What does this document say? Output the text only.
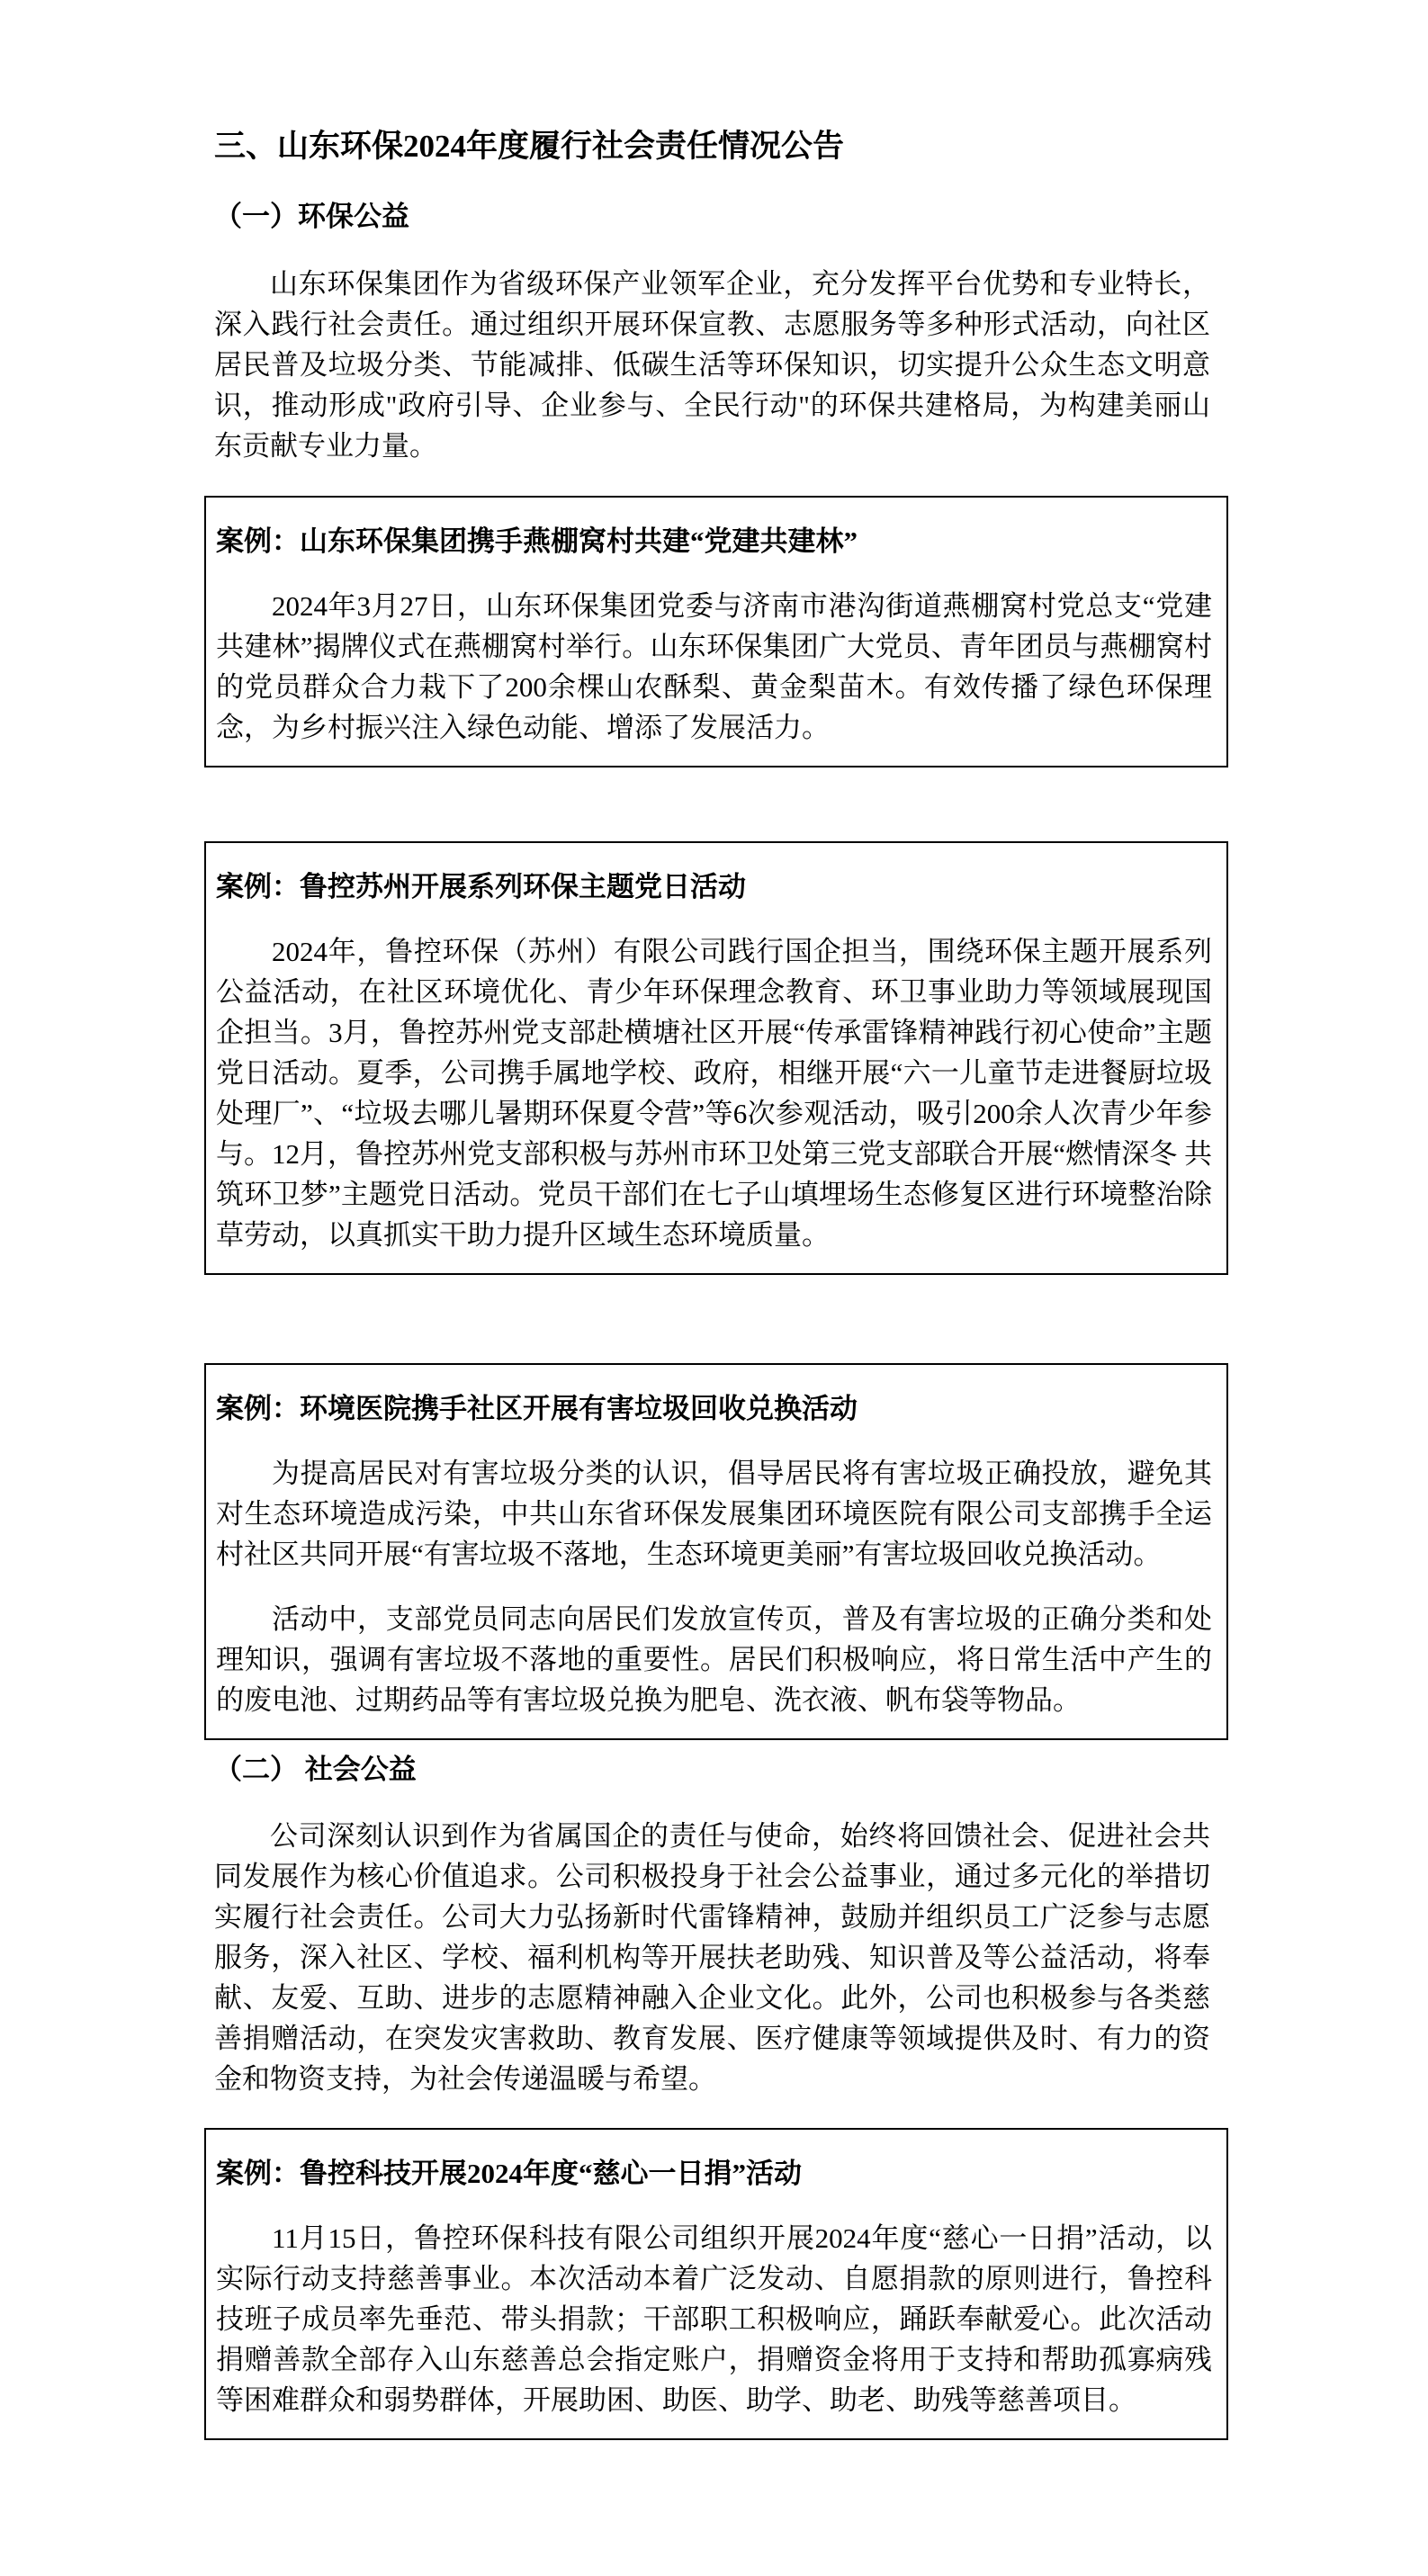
三、山东环保2024年度履行社会责任情况公告
（一）环保公益

山东环保集团作为省级环保产业领军企业，充分发挥平台优势和专业特长，深入践行社会责任。通过组织开展环保宣教、志愿服务等多种形式活动，向社区居民普及垃圾分类、节能减排、低碳生活等环保知识，切实提升公众生态文明意识，推动形成"政府引导、企业参与、全民行动"的环保共建格局，为构建美丽山东贡献专业力量。

案例：山东环保集团携手燕棚窝村共建“党建共建林”

2024年3月27日，山东环保集团党委与济南市港沟街道燕棚窝村党总支“党建共建林”揭牌仪式在燕棚窝村举行。山东环保集团广大党员、青年团员与燕棚窝村的党员群众合力栽下了200余棵山农酥梨、黄金梨苗木。有效传播了绿色环保理念，为乡村振兴注入绿色动能、增添了发展活力。

案例：鲁控苏州开展系列环保主题党日活动

2024年，鲁控环保（苏州）有限公司践行国企担当，围绕环保主题开展系列公益活动，在社区环境优化、青少年环保理念教育、环卫事业助力等领域展现国企担当。3月，鲁控苏州党支部赴横塘社区开展“传承雷锋精神践行初心使命”主题党日活动。夏季，公司携手属地学校、政府，相继开展“六一儿童节走进餐厨垃圾处理厂”、“垃圾去哪儿暑期环保夏令营”等6次参观活动，吸引200余人次青少年参与。12月，鲁控苏州党支部积极与苏州市环卫处第三党支部联合开展“燃情深冬 共筑环卫梦”主题党日活动。党员干部们在七子山填埋场生态修复区进行环境整治除草劳动，以真抓实干助力提升区域生态环境质量。

案例：环境医院携手社区开展有害垃圾回收兑换活动

为提高居民对有害垃圾分类的认识，倡导居民将有害垃圾正确投放，避免其对生态环境造成污染，中共山东省环保发展集团环境医院有限公司支部携手全运村社区共同开展“有害垃圾不落地，生态环境更美丽”有害垃圾回收兑换活动。

活动中，支部党员同志向居民们发放宣传页，普及有害垃圾的正确分类和处理知识，强调有害垃圾不落地的重要性。居民们积极响应，将日常生活中产生的的废电池、过期药品等有害垃圾兑换为肥皂、洗衣液、帆布袋等物品。

（二） 社会公益

公司深刻认识到作为省属国企的责任与使命，始终将回馈社会、促进社会共同发展作为核心价值追求。公司积极投身于社会公益事业，通过多元化的举措切实履行社会责任。公司大力弘扬新时代雷锋精神，鼓励并组织员工广泛参与志愿服务，深入社区、学校、福利机构等开展扶老助残、知识普及等公益活动，将奉献、友爱、互助、进步的志愿精神融入企业文化。此外，公司也积极参与各类慈善捐赠活动，在突发灾害救助、教育发展、医疗健康等领域提供及时、有力的资金和物资支持，为社会传递温暖与希望。

案例：鲁控科技开展2024年度“慈心一日捐”活动

11月15日，鲁控环保科技有限公司组织开展2024年度“慈心一日捐”活动，以实际行动支持慈善事业。本次活动本着广泛发动、自愿捐款的原则进行，鲁控科技班子成员率先垂范、带头捐款；干部职工积极响应，踊跃奉献爱心。此次活动捐赠善款全部存入山东慈善总会指定账户，捐赠资金将用于支持和帮助孤寡病残等困难群众和弱势群体，开展助困、助医、助学、助老、助残等慈善项目。
